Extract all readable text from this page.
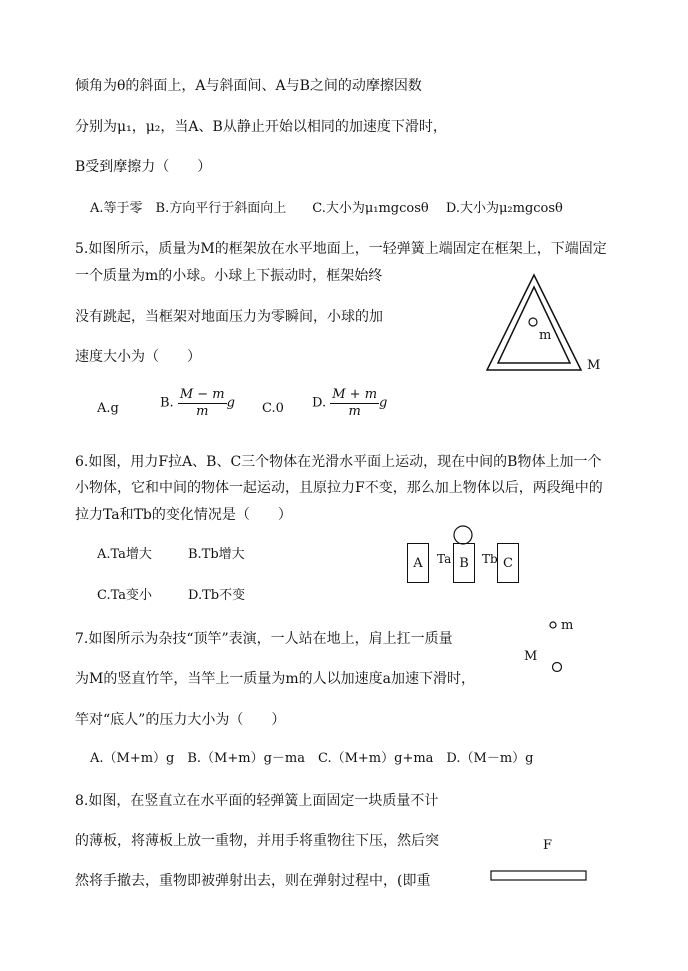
倾角为θ的斜面上，A与斜面间、A与B之间的动摩擦因数
分别为μ₁，μ₂，当A、B从静止开始以相同的加速度下滑时，
B受到摩擦力（　　）
A.等于零　B.方向平行于斜面向上　　C.大小为μ₁mgcosθ　 D.大小为μ₂mgcosθ
5.如图所示，质量为M的框架放在水平地面上，一轻弹簧上端固定在框架上，下端固定
一个质量为m的小球。小球上下振动时，框架始终
没有跳起，当框架对地面压力为零瞬间，小球的加
速度大小为（　　）
A.g	B. $\frac{M - m}{m}$ g C.0 D. $\frac{M + m}{m}$ g
m
M
6.如图，用力F拉A、B、C三个物体在光滑水平面上运动，现在中间的B物体上加一个
小物体，它和中间的物体一起运动，且原拉力F不变，那么加上物体以后，两段绳中的
拉力Ta和Tb的变化情况是（　　）
A.Ta增大	B.Tb增大
C.Ta变小	D.Tb不变
A	B	C
Ta	Tb
7.如图所示为杂技“顶竿”表演，一人站在地上，肩上扛一质量
为M的竖直竹竿，当竿上一质量为m的人以加速度a加速下滑时，
竿对“底人”的压力大小为（　　）
A.（M+m）g　B.（M+m）g－ma　C.（M+m）g+ma　D.（M－m）g
m
M
8.如图，在竖直立在水平面的轻弹簧上面固定一块质量不计
的薄板，将薄板上放一重物，并用手将重物往下压，然后突
然将手撤去，重物即被弹射出去，则在弹射过程中，(即重
F
